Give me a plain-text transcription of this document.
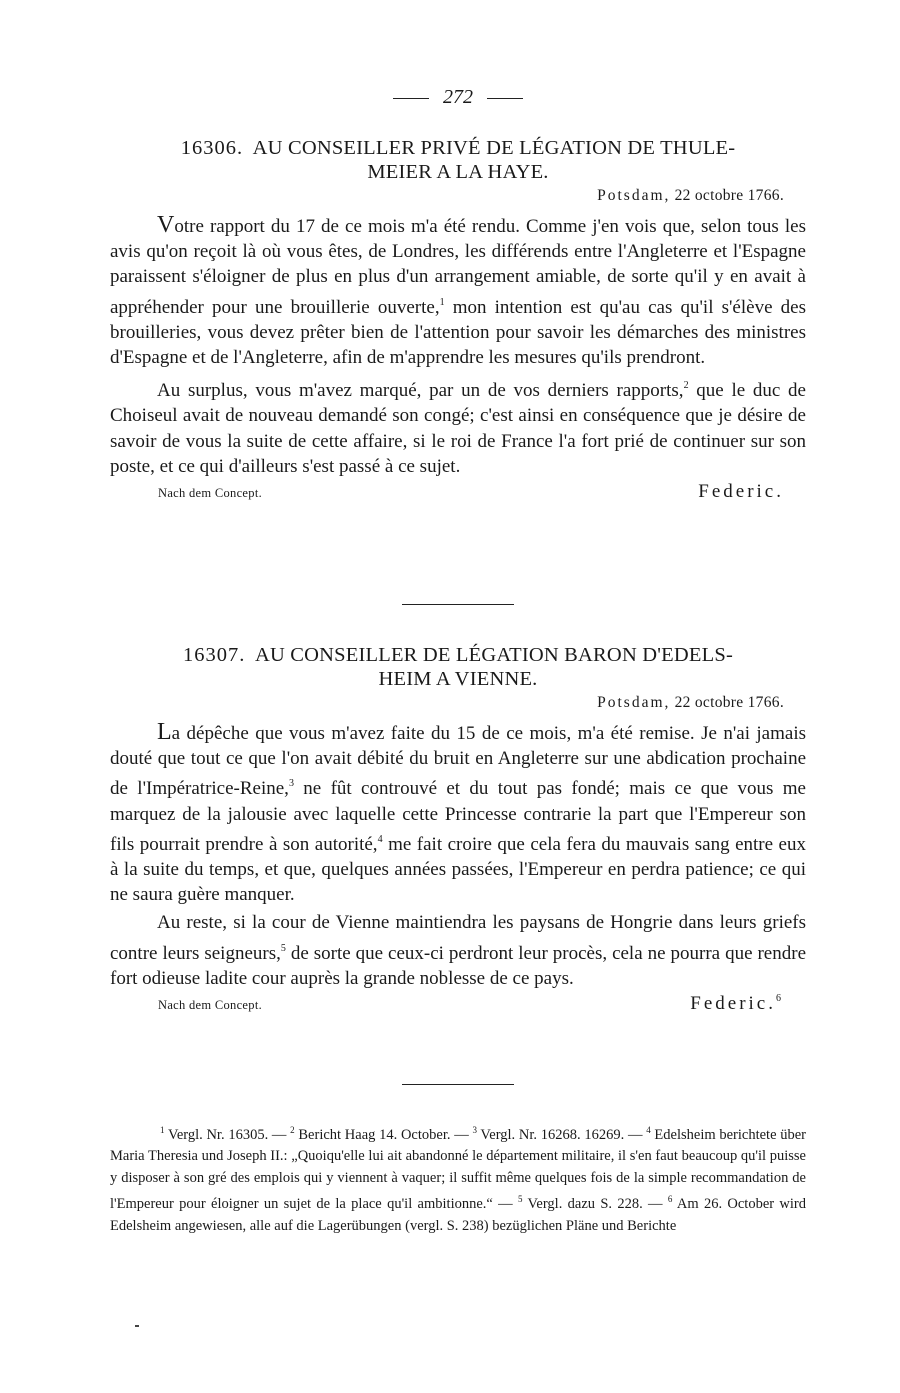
272
16306. AU CONSEILLER PRIVÉ DE LÉGATION DE THULE-
MEIER A LA HAYE.
Potsdam, 22 octobre 1766.

Votre rapport du 17 de ce mois m'a été rendu. Comme j'en vois que, selon tous les avis qu'on reçoit là où vous êtes, de Londres, les différends entre l'Angleterre et l'Espagne paraissent s'éloigner de plus en plus d'un arrangement amiable, de sorte qu'il y en avait à appréhender pour une brouillerie ouverte,$^1$ mon intention est qu'au cas qu'il s'élève des brouilleries, vous devez prêter bien de l'attention pour savoir les démarches des ministres d'Espagne et de l'Angleterre, afin de m'apprendre les mesures qu'ils prendront.

Au surplus, vous m'avez marqué, par un de vos derniers rapports,$^2$ que le duc de Choiseul avait de nouveau demandé son congé; c'est ainsi en conséquence que je désire de savoir de vous la suite de cette affaire, si le roi de France l'a fort prié de continuer sur son poste, et ce qui d'ailleurs s'est passé à ce sujet.

Nach dem Concept.	Federic.
16307. AU CONSEILLER DE LÉGATION BARON D'EDELS-
HEIM A VIENNE.
Potsdam, 22 octobre 1766.

La dépêche que vous m'avez faite du 15 de ce mois, m'a été remise. Je n'ai jamais douté que tout ce que l'on avait débité du bruit en Angleterre sur une abdication prochaine de l'Impératrice-Reine,$^3$ ne fût controuvé et du tout pas fondé; mais ce que vous me marquez de la jalousie avec laquelle cette Princesse contrarie la part que l'Empereur son fils pourrait prendre à son autorité,$^4$ me fait croire que cela fera du mauvais sang entre eux à la suite du temps, et que, quelques années passées, l'Empereur en perdra patience; ce qui ne saura guère manquer.

Au reste, si la cour de Vienne maintiendra les paysans de Hongrie dans leurs griefs contre leurs seigneurs,$^5$ de sorte que ceux-ci perdront leur procès, cela ne pourra que rendre fort odieuse ladite cour auprès la grande noblesse de ce pays.

Nach dem Concept.	Federic.$^6$

$^1$ Vergl. Nr. 16305. — $^2$ Bericht Haag 14. October. — $^3$ Vergl. Nr. 16268. 16269. — $^4$ Edelsheim berichtete über Maria Theresia und Joseph II.: „Quoiqu'elle lui ait abandonné le département militaire, il s'en faut beaucoup qu'il puisse y disposer à son gré des emplois qui y viennent à vaquer; il suffit même quelques fois de la simple recommandation de l'Empereur pour éloigner un sujet de la place qu'il ambitionne.“ — $^5$ Vergl. dazu S. 228. — $^6$ Am 26. October wird Edelsheim angewiesen, alle auf die Lagerübungen (vergl. S. 238) bezüglichen Pläne und Berichte
